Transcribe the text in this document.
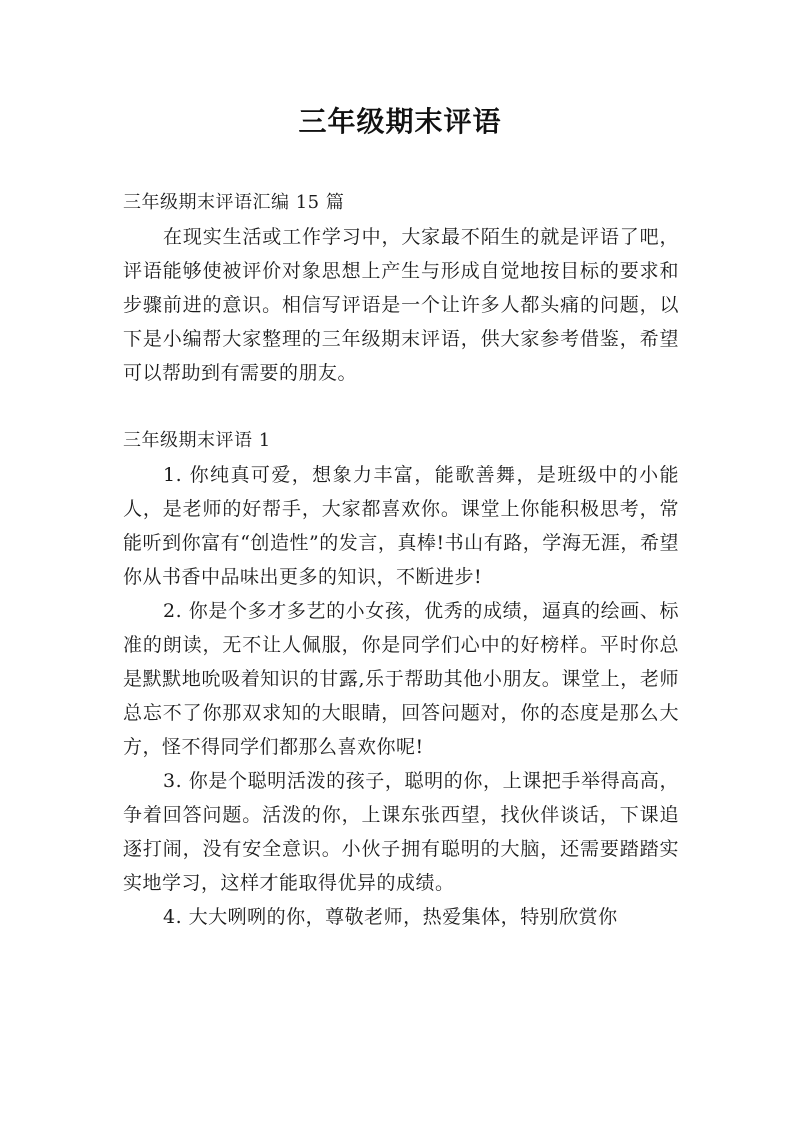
三年级期末评语

三年级期末评语汇编 15 篇

在现实生活或工作学习中，大家最不陌生的就是评语了吧，评语能够使被评价对象思想上产生与形成自觉地按目标的要求和步骤前进的意识。相信写评语是一个让许多人都头痛的问题，以下是小编帮大家整理的三年级期末评语，供大家参考借鉴，希望可以帮助到有需要的朋友。

三年级期末评语 1

1. 你纯真可爱，想象力丰富，能歌善舞，是班级中的小能人，是老师的好帮手，大家都喜欢你。课堂上你能积极思考，常能听到你富有“创造性”的发言，真棒!书山有路，学海无涯，希望你从书香中品味出更多的知识，不断进步!

2. 你是个多才多艺的小女孩，优秀的成绩，逼真的绘画、标准的朗读，无不让人佩服，你是同学们心中的好榜样。平时你总是默默地吮吸着知识的甘露,乐于帮助其他小朋友。课堂上，老师总忘不了你那双求知的大眼睛，回答问题对，你的态度是那么大方，怪不得同学们都那么喜欢你呢!

3. 你是个聪明活泼的孩子，聪明的你，上课把手举得高高，争着回答问题。活泼的你，上课东张西望，找伙伴谈话，下课追逐打闹，没有安全意识。小伙子拥有聪明的大脑，还需要踏踏实实地学习，这样才能取得优异的成绩。

4. 大大咧咧的你，尊敬老师，热爱集体，特别欣赏你
